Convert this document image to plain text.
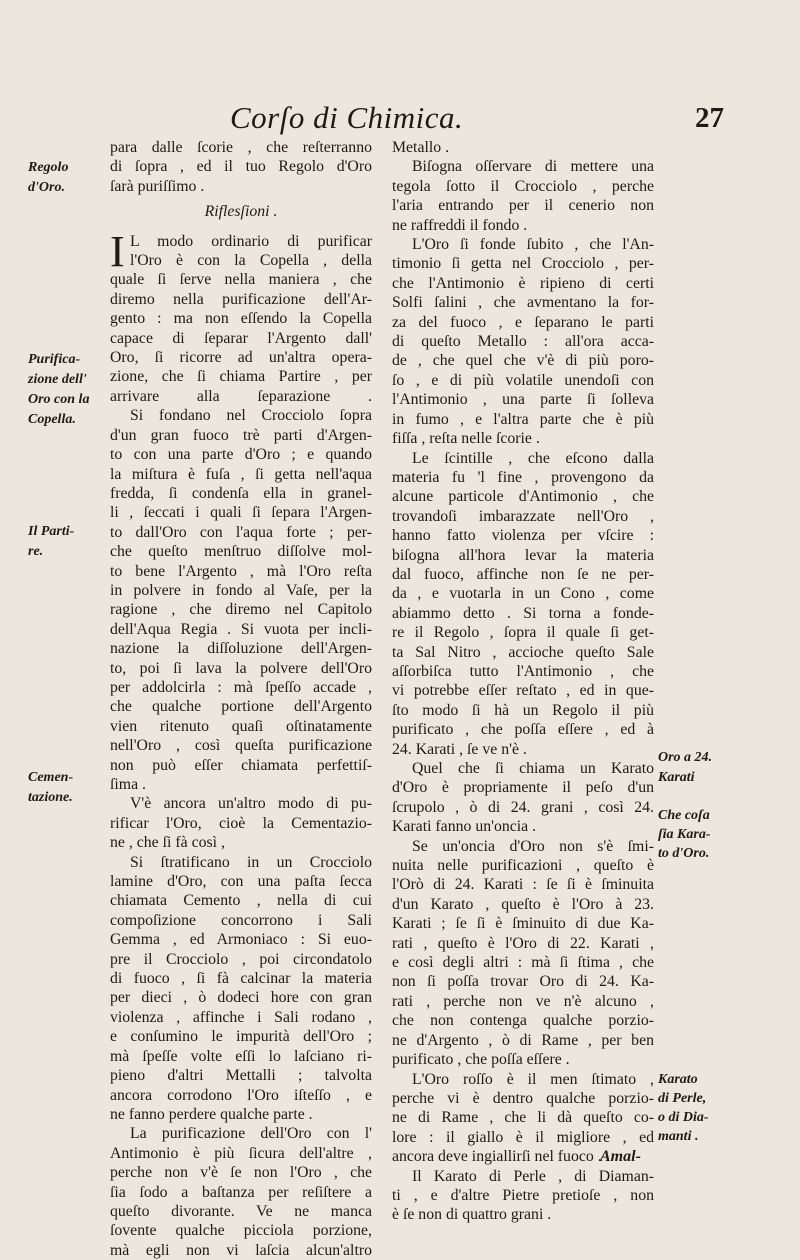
Corſo di Chimica.	27
para dalle ſcorie , che reſterranno
di ſopra , ed il tuo Regolo d'Oro
ſarà puriſſimo .
Riflesſioni .
I L modo ordinario di purificar
l'Oro è con la Copella , della
quale ſi ſerve nella maniera , che
diremo nella purificazione dell'Ar-
gento : ma non eſſendo la Copella
capace di ſeparar l'Argento dall'
Oro, ſi ricorre ad un'altra opera-
zione, che ſi chiama Partire , per
arrivare alla ſeparazione .
Si fondano nel Crocciolo ſopra
d'un gran fuoco trè parti d'Argen-
to con una parte d'Oro ; e quando
la miſtura è fuſa , ſi getta nell'aqua
fredda, ſi condenſa ella in granel-
li , ſeccati i quali ſi ſepara l'Argen-
to dall'Oro con l'aqua forte ; per-
che queſto menſtruo diſſolve mol-
to bene l'Argento , mà l'Oro reſta
in polvere in fondo al Vaſe, per la
ragione , che diremo nel Capitolo
dell'Aqua Regia . Si vuota per incli-
nazione la diſſoluzione dell'Argen-
to, poi ſi lava la polvere dell'Oro
per addolcirla : mà ſpeſſo accade ,
che qualche portione dell'Argento
vien ritenuto quaſi oſtinatamente
nell'Oro , così queſta purificazione
non può eſſer chiamata perfettiſ-
ſima .
V'è ancora un'altro modo di pu-
rificar l'Oro, cioè la Cementazio-
ne , che ſi fà così ,
Si ſtratificano in un Crocciolo
lamine d'Oro, con una paſta ſecca
chiamata Cemento , nella di cui
compoſizione concorrono i Sali
Gemma , ed Armoniaco : Si euo-
pre il Crocciolo , poi circondatolo
di fuoco , ſi fà calcinar la materia
per dieci , ò dodeci hore con gran
violenza , affinche i Sali rodano ,
e conſumino le impurità dell'Oro ;
mà ſpeſſe volte eſſi lo laſciano ri-
pieno d'altri Mettalli ; talvolta
ancora corrodono l'Oro iſteſſo , e
ne fanno perdere qualche parte .
La purificazione dell'Oro con l'
Antimonio è più ſicura dell'altre ,
perche non v'è ſe non l'Oro , che
ſia ſodo a baſtanza per reſiſtere a
queſto divorante. Ve ne manca
ſovente qualche picciola porzione,
mà egli non vi laſcia alcun'altro
Metallo .
Biſogna oſſervare di mettere una
tegola ſotto il Crocciolo , perche
l'aria entrando per il cenerio non
ne raffreddi il fondo .
L'Oro ſi fonde ſubito , che l'An-
timonio ſi getta nel Crocciolo , per-
che l'Antimonio è ripieno di certi
Solfi ſalini , che avmentano la for-
za del fuoco , e ſeparano le parti
di queſto Metallo : all'ora acca-
de , che quel che v'è di più poro-
ſo , e di più volatile unendoſi con
l'Antimonio , una parte ſi ſolleva
in fumo , e l'altra parte che è più
fiſſa , reſta nelle ſcorie .
Le ſcintille , che eſcono dalla
materia fu 'l fine , provengono da
alcune particole d'Antimonio , che
trovandoſi imbarazzate nell'Oro ,
hanno fatto violenza per vſcire :
biſogna all'hora levar la materia
dal fuoco, affinche non ſe ne per-
da , e vuotarla in un Cono , come
abiammo detto . Si torna a fonde-
re il Regolo , ſopra il quale ſi get-
ta Sal Nitro , accioche queſto Sale
aſſorbiſca tutto l'Antimonio , che
vi potrebbe eſſer reſtato , ed in que-
ſto modo ſi hà un Regolo il più
purificato , che poſſa eſſere , ed à
24. Karati , ſe ve n'è .
Quel che ſi chiama un Karato
d'Oro è propriamente il peſo d'un
ſcrupolo , ò di 24. grani , così 24.
Karati fanno un'oncia .
Se un'oncia d'Oro non s'è ſmi-
nuita nelle purificazioni , queſto è
l'Orò di 24. Karati : ſe ſi è ſminuita
d'un Karato , queſto è l'Oro à 23.
Karati ; ſe ſi è ſminuito di due Ka-
rati , queſto è l'Oro di 22. Karati ,
e così degli altri : mà ſi ſtima , che
non ſi poſſa trovar Oro di 24. Ka-
rati , perche non ve n'è alcuno ,
che non contenga qualche porzio-
ne d'Argento , ò di Rame , per ben
purificato , che poſſa eſſere .
L'Oro roſſo è il men ſtimato ,
perche vi è dentro qualche porzio-
ne di Rame , che li dà queſto co-
lore : il giallo è il migliore , ed
ancora deve ingiallirſi nel fuoco .
Il Karato di Perle , di Diaman-
ti , e d'altre Pietre pretioſe , non
è ſe non di quattro grani .
Regolo
d'Oro.
Purifica-
zione dell'
Oro con la
Copella.
Il Parti-
re.
Cemen-
tazione.
Oro a 24.
Karati
Che coſa
ſia Kara-
to d'Oro.
Karato
di Perle,
o di Dia-
manti .
Amal-
